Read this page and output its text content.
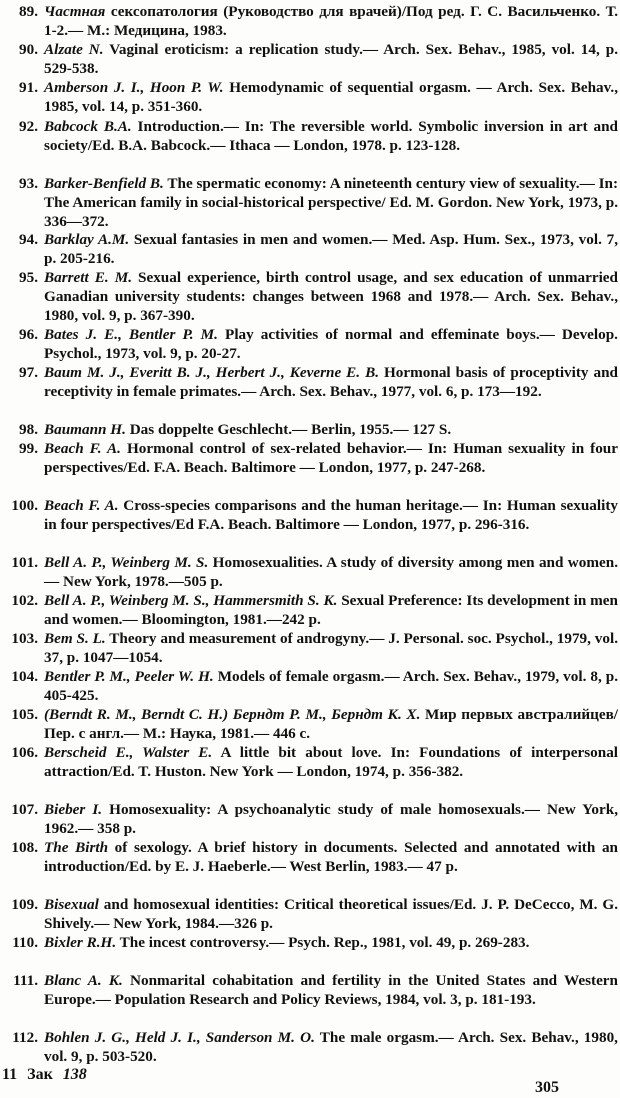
89. Частная сексопатология (Руководство для врачей)/Под ред. Г. С. Васильченко. Т. 1-2.— М.: Медицина, 1983.
90. Alzate N. Vaginal eroticism: a replication study.— Arch. Sex. Behav., 1985, vol. 14, p. 529-538.
91. Amberson J. I., Hoon P. W. Hemodynamic of sequential orgasm. — Arch. Sex. Behav., 1985, vol. 14, p. 351-360.
92. Babcock B.A. Introduction.— In: The reversible world. Symbolic inversion in art and society/Ed. B.A. Babcock.— Ithaca — London, 1978. p. 123-128.
93. Barker-Benfield B. The spermatic economy: A nineteenth century view of sexuality.— In: The American family in social-historical perspective/ Ed. M. Gordon. New York, 1973, p. 336—372.
94. Barklay A.M. Sexual fantasies in men and women.— Med. Asp. Hum. Sex., 1973, vol. 7, p. 205-216.
95. Barrett E. M. Sexual experience, birth control usage, and sex education of unmarried Ganadian university students: changes between 1968 and 1978.— Arch. Sex. Behav., 1980, vol. 9, p. 367-390.
96. Bates J. E., Bentler P. M. Play activities of normal and effeminate boys.— Develop. Psychol., 1973, vol. 9, p. 20-27.
97. Baum M. J., Everitt B. J., Herbert J., Keverne E. B. Hormonal basis of proceptivity and receptivity in female primates.— Arch. Sex. Behav., 1977, vol. 6, p. 173—192.
98. Baumann H. Das doppelte Geschlecht.— Berlin, 1955.— 127 S.
99. Beach F. A. Hormonal control of sex-related behavior.— In: Human sexuality in four perspectives/Ed. F.A. Beach. Baltimore — London, 1977, p. 247-268.
100. Beach F. A. Cross-species comparisons and the human heritage.— In: Human sexuality in four perspectives/Ed F.A. Beach. Baltimore — London, 1977, p. 296-316.
101. Bell A. P., Weinberg M. S. Homosexualities. A study of diversity among men and women.— New York, 1978.—505 p.
102. Bell A. P., Weinberg M. S., Hammersmith S. K. Sexual Preference: Its development in men and women.— Bloomington, 1981.—242 p.
103. Bem S. L. Theory and measurement of androgyny.— J. Personal. soc. Psychol., 1979, vol. 37, p. 1047—1054.
104. Bentler P. M., Peeler W. H. Models of female orgasm.— Arch. Sex. Behav., 1979, vol. 8, p. 405-425.
105. (Berndt R. M., Berndt C. H.) Берндт Р. М., Берндт К. Х. Мир первых австралийцев/Пер. с англ.— М.: Наука, 1981.— 446 с.
106. Berscheid E., Walster E. A little bit about love. In: Foundations of interpersonal attraction/Ed. T. Huston. New York — London, 1974, p. 356-382.
107. Bieber I. Homosexuality: A psychoanalytic study of male homosexuals.— New York, 1962.— 358 p.
108. The Birth of sexology. A brief history in documents. Selected and annotated with an introduction/Ed. by E. J. Haeberle.— West Berlin, 1983.— 47 p.
109. Bisexual and homosexual identities: Critical theoretical issues/Ed. J. P. DeCecco, M. G. Shively.— New York, 1984.—326 p.
110. Bixler R.H. The incest controversy.— Psych. Rep., 1981, vol. 49, p. 269-283.
111. Blanc A. K. Nonmarital cohabitation and fertility in the United States and Western Europe.— Population Research and Policy Reviews, 1984, vol. 3, p. 181-193.
112. Bohlen J. G., Held J. I., Sanderson M. O. The male orgasm.— Arch. Sex. Behav., 1980, vol. 9, p. 503-520.
11 Зак 138
305
